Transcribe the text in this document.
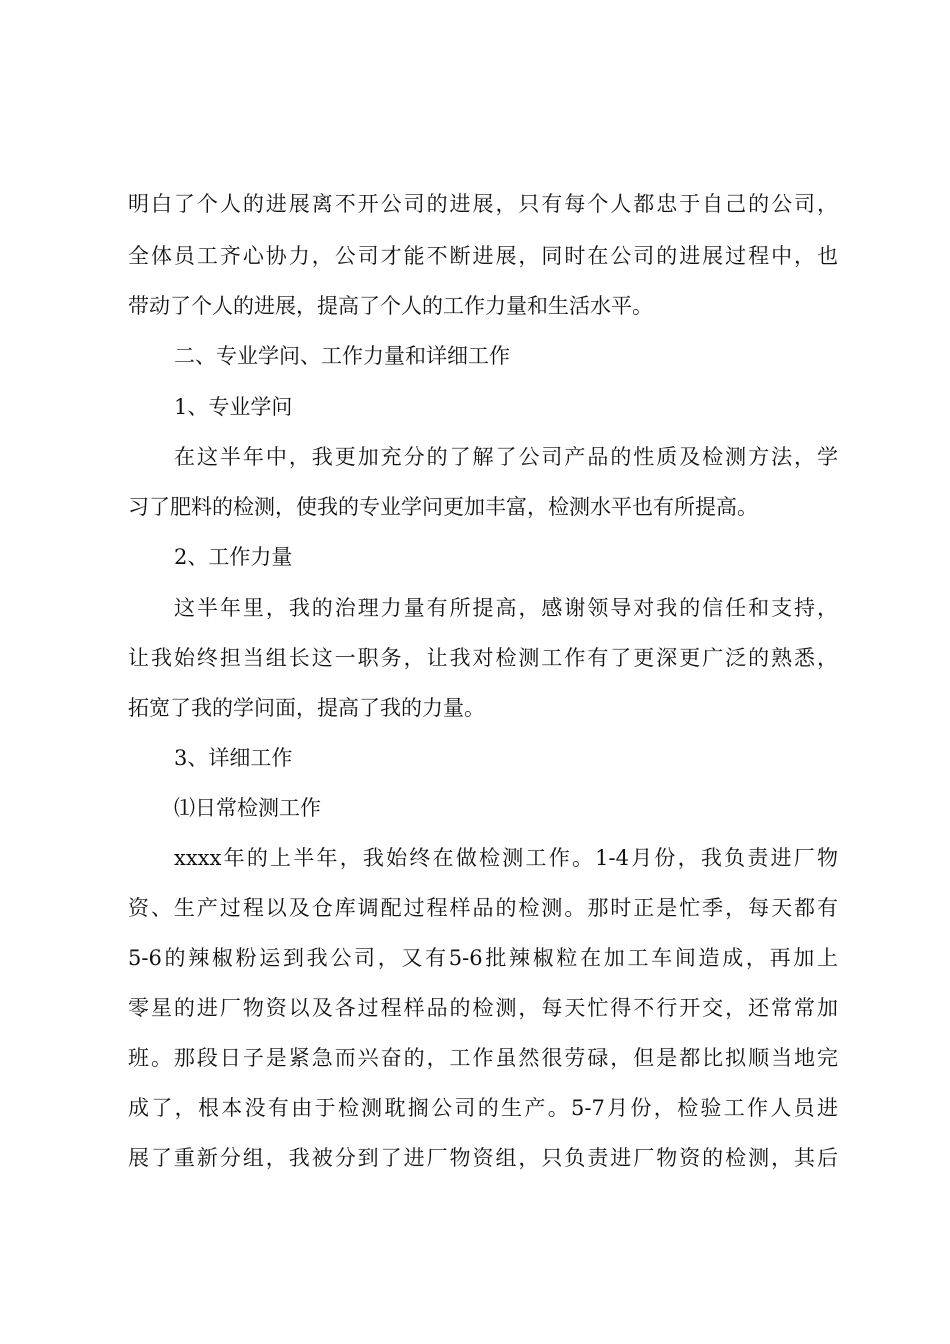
明白了个人的进展离不开公司的进展，只有每个人都忠于自己的公司，
全体员工齐心协力，公司才能不断进展，同时在公司的进展过程中，也
带动了个人的进展，提高了个人的工作力量和生活水平。
二、专业学问、工作力量和详细工作
1、专业学问
在这半年中，我更加充分的了解了公司产品的性质及检测方法，学
习了肥料的检测，使我的专业学问更加丰富，检测水平也有所提高。
2、工作力量
这半年里，我的治理力量有所提高，感谢领导对我的信任和支持，
让我始终担当组长这一职务，让我对检测工作有了更深更广泛的熟悉，
拓宽了我的学问面，提高了我的力量。
3、详细工作
⑴日常检测工作
xxxx年的上半年，我始终在做检测工作。1-4月份，我负责进厂物
资、生产过程以及仓库调配过程样品的检测。那时正是忙季，每天都有
5-6的辣椒粉运到我公司，又有5-6批辣椒粒在加工车间造成，再加上
零星的进厂物资以及各过程样品的检测，每天忙得不行开交，还常常加
班。那段日子是紧急而兴奋的，工作虽然很劳碌，但是都比拟顺当地完
成了，根本没有由于检测耽搁公司的生产。5-7月份，检验工作人员进
展了重新分组，我被分到了进厂物资组，只负责进厂物资的检测，其后
